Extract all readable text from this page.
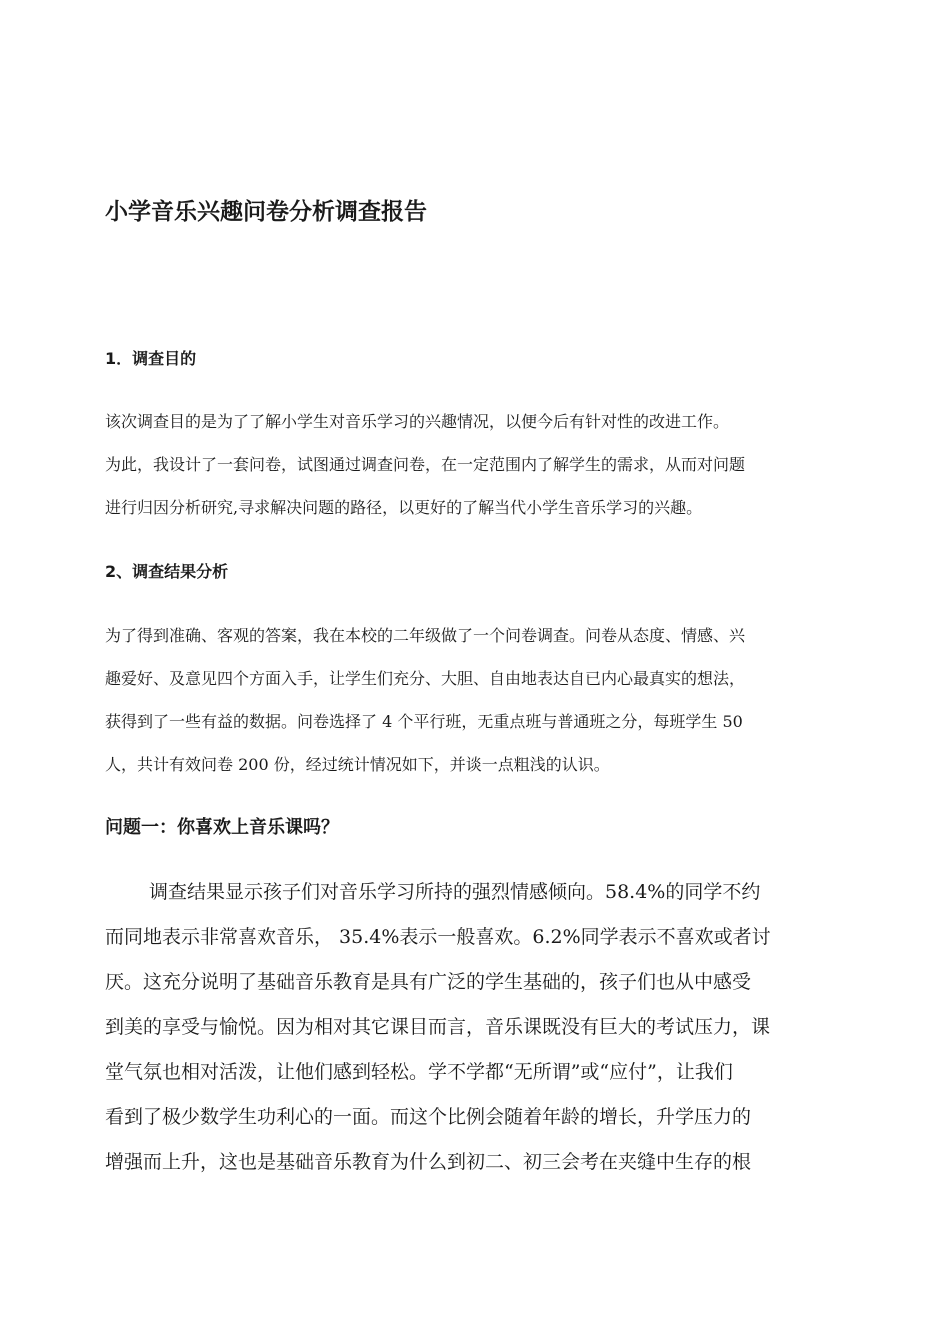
小学音乐兴趣问卷分析调查报告
1．调查目的

该次调查目的是为了了解小学生对音乐学习的兴趣情况，以便今后有针对性的改进工作。
为此，我设计了一套问卷，试图通过调查问卷，在一定范围内了解学生的需求，从而对问题
进行归因分析研究,寻求解决问题的路径，以更好的了解当代小学生音乐学习的兴趣。

2、调查结果分析

为了得到准确、客观的答案，我在本校的二年级做了一个问卷调查。问卷从态度、情感、兴
趣爱好、及意见四个方面入手，让学生们充分、大胆、自由地表达自已内心最真实的想法，
获得到了一些有益的数据。问卷选择了 4 个平行班，无重点班与普通班之分，每班学生 50
人，共计有效问卷 200 份，经过统计情况如下，并谈一点粗浅的认识。

问题一：你喜欢上音乐课吗？

调查结果显示孩子们对音乐学习所持的强烈情感倾向。58.4%的同学不约
而同地表示非常喜欢音乐， 35.4%表示一般喜欢。6.2%同学表示不喜欢或者讨
厌。这充分说明了基础音乐教育是具有广泛的学生基础的，孩子们也从中感受
到美的享受与愉悦。因为相对其它课目而言，音乐课既没有巨大的考试压力，课
堂气氛也相对活泼，让他们感到轻松。学不学都“无所谓”或“应付”，让我们
看到了极少数学生功利心的一面。而这个比例会随着年龄的增长，升学压力的
增强而上升，这也是基础音乐教育为什么到初二、初三会考在夹缝中生存的根
